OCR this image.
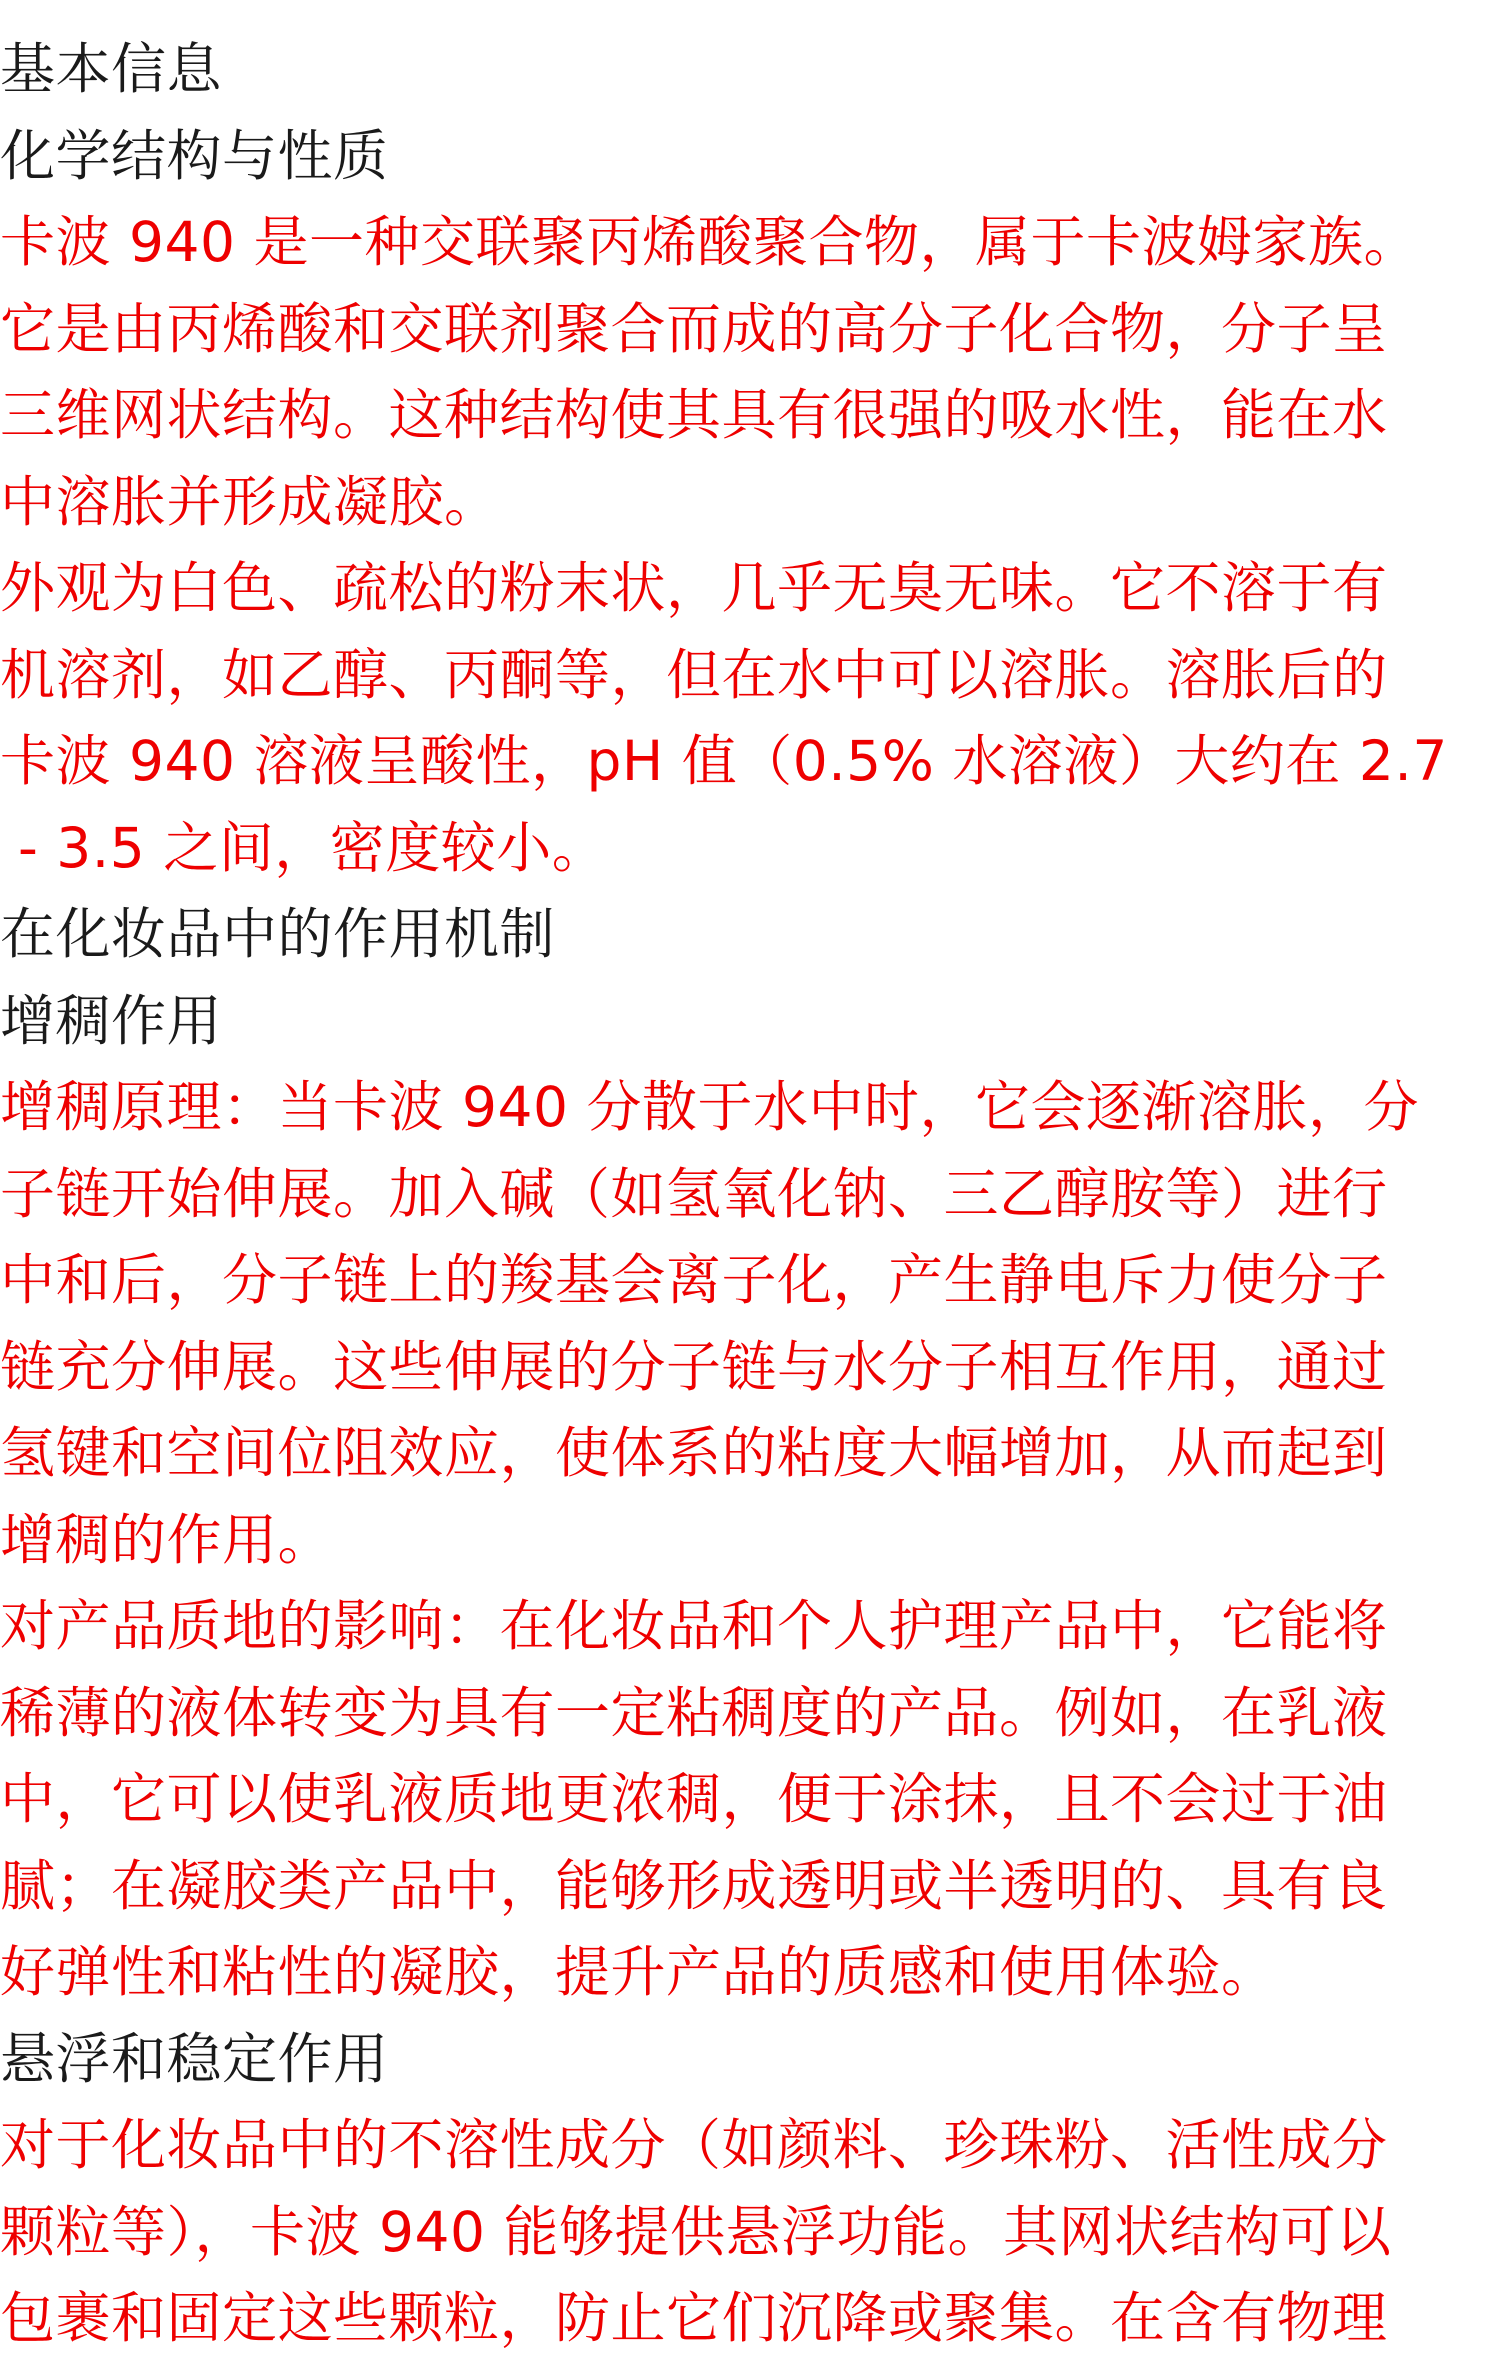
基本信息
化学结构与性质
卡波 940 是一种交联聚丙烯酸聚合物，属于卡波姆家族。
它是由丙烯酸和交联剂聚合而成的高分子化合物，分子呈
三维网状结构。这种结构使其具有很强的吸水性，能在水
中溶胀并形成凝胶。
外观为白色、疏松的粉末状，几乎无臭无味。它不溶于有
机溶剂，如乙醇、丙酮等，但在水中可以溶胀。溶胀后的
卡波 940 溶液呈酸性，pH 值（0.5% 水溶液）大约在 2.7
- 3.5 之间，密度较小。
在化妆品中的作用机制
增稠作用
增稠原理：当卡波 940 分散于水中时，它会逐渐溶胀，分
子链开始伸展。加入碱（如氢氧化钠、三乙醇胺等）进行
中和后，分子链上的羧基会离子化，产生静电斥力使分子
链充分伸展。这些伸展的分子链与水分子相互作用，通过
氢键和空间位阻效应，使体系的粘度大幅增加，从而起到
增稠的作用。
对产品质地的影响：在化妆品和个人护理产品中，它能将
稀薄的液体转变为具有一定粘稠度的产品。例如，在乳液
中，它可以使乳液质地更浓稠，便于涂抹，且不会过于油
腻；在凝胶类产品中，能够形成透明或半透明的、具有良
好弹性和粘性的凝胶，提升产品的质感和使用体验。
悬浮和稳定作用
对于化妆品中的不溶性成分（如颜料、珍珠粉、活性成分
颗粒等），卡波 940 能够提供悬浮功能。其网状结构可以
包裹和固定这些颗粒，防止它们沉降或聚集。在含有物理
